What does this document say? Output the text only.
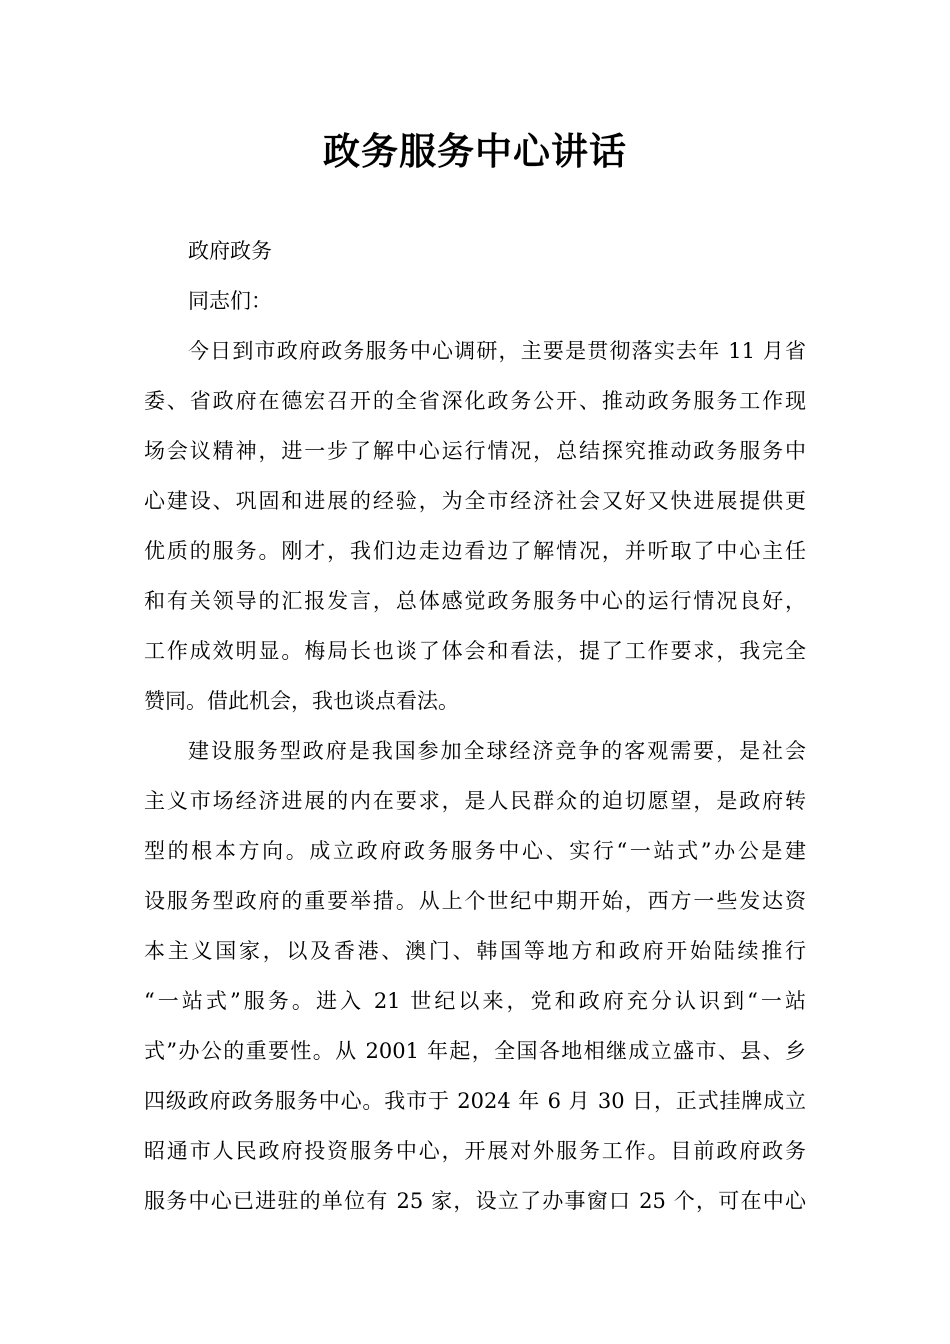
政务服务中心讲话
政府政务
同志们：
今日到市政府政务服务中心调研，主要是贯彻落实去年 11 月省
委、省政府在德宏召开的全省深化政务公开、推动政务服务工作现
场会议精神，进一步了解中心运行情况，总结探究推动政务服务中
心建设、巩固和进展的经验，为全市经济社会又好又快进展提供更
优质的服务。刚才，我们边走边看边了解情况，并听取了中心主任
和有关领导的汇报发言，总体感觉政务服务中心的运行情况良好，
工作成效明显。梅局长也谈了体会和看法，提了工作要求，我完全
赞同。借此机会，我也谈点看法。
建设服务型政府是我国参加全球经济竞争的客观需要，是社会
主义市场经济进展的内在要求，是人民群众的迫切愿望，是政府转
型的根本方向。成立政府政务服务中心、实行“一站式”办公是建
设服务型政府的重要举措。从上个世纪中期开始，西方一些发达资
本主义国家，以及香港、澳门、韩国等地方和政府开始陆续推行
“一站式”服务。进入 21 世纪以来，党和政府充分认识到“一站
式”办公的重要性。从 2001 年起，全国各地相继成立盛市、县、乡
四级政府政务服务中心。我市于 2024 年 6 月 30 日，正式挂牌成立
昭通市人民政府投资服务中心，开展对外服务工作。目前政府政务
服务中心已进驻的单位有 25 家，设立了办事窗口 25 个，可在中心
